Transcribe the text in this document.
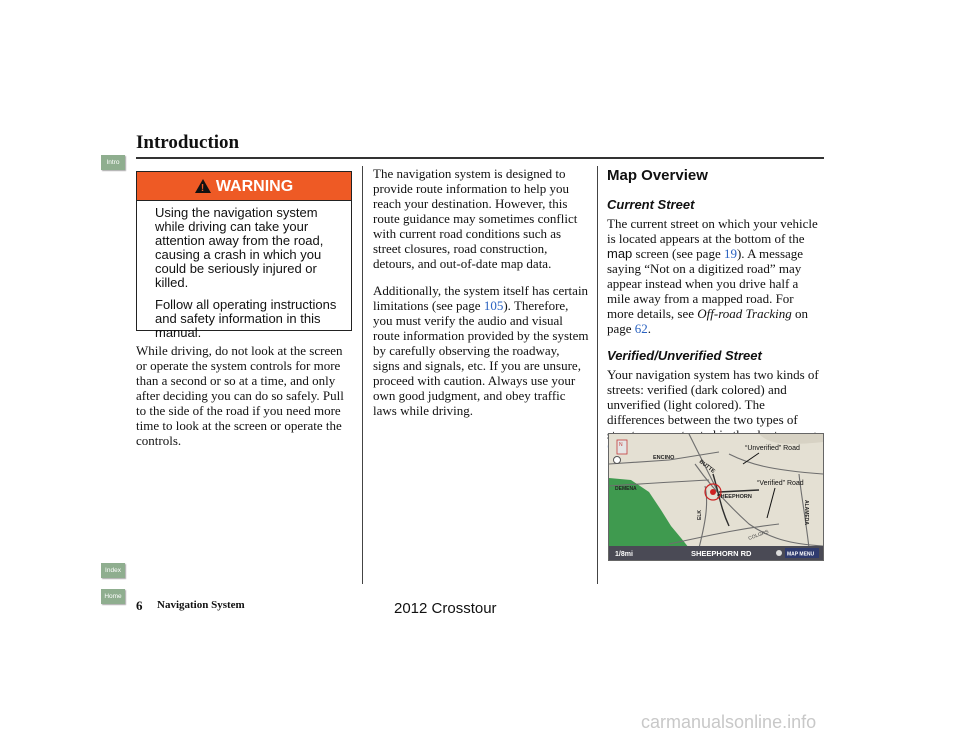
Intro
Index
Home
Introduction
! WARNING

Using the navigation system while driving can take your attention away from the road, causing a crash in which you could be seriously injured or killed.

Follow all operating instructions and safety information in this manual.

While driving, do not look at the screen or operate the system controls for more than a second or so at a time, and only after deciding you can do so safely. Pull to the side of the road if you need more time to look at the screen or operate the controls.

The navigation system is designed to provide route information to help you reach your destination. However, this route guidance may sometimes conflict with current road conditions such as street closures, road construction, detours, and out-of-date map data.

Additionally, the system itself has certain limitations (see page 105). Therefore, you must verify the audio and visual route information provided by the system by carefully observing the roadway, signs and signals, etc. If you are unsure, proceed with caution. Always use your own good judgment, and obey traffic laws while driving.

Map Overview
Current Street

The current street on which your vehicle is located appears at the bottom of the map screen (see page 19). A message saying “Not on a digitized road” may appear instead when you drive half a mile away from a mapped road. For more details, see Off-road Tracking on page 62.

Verified/Unverified Street

Your navigation system has two kinds of streets: verified (dark colored) and unverified (light colored). The differences between the two types of

N
ENCINO
BUTTE
DEMENA
SHEEPHORN
ELK	ALAMEDA
COLGRS
“Unverified” Road
“Verified” Road
1/8mi	SHEEPHORN RD	MAP MENU
6 Navigation System	2012 Crosstour
carmanualsonline.info
